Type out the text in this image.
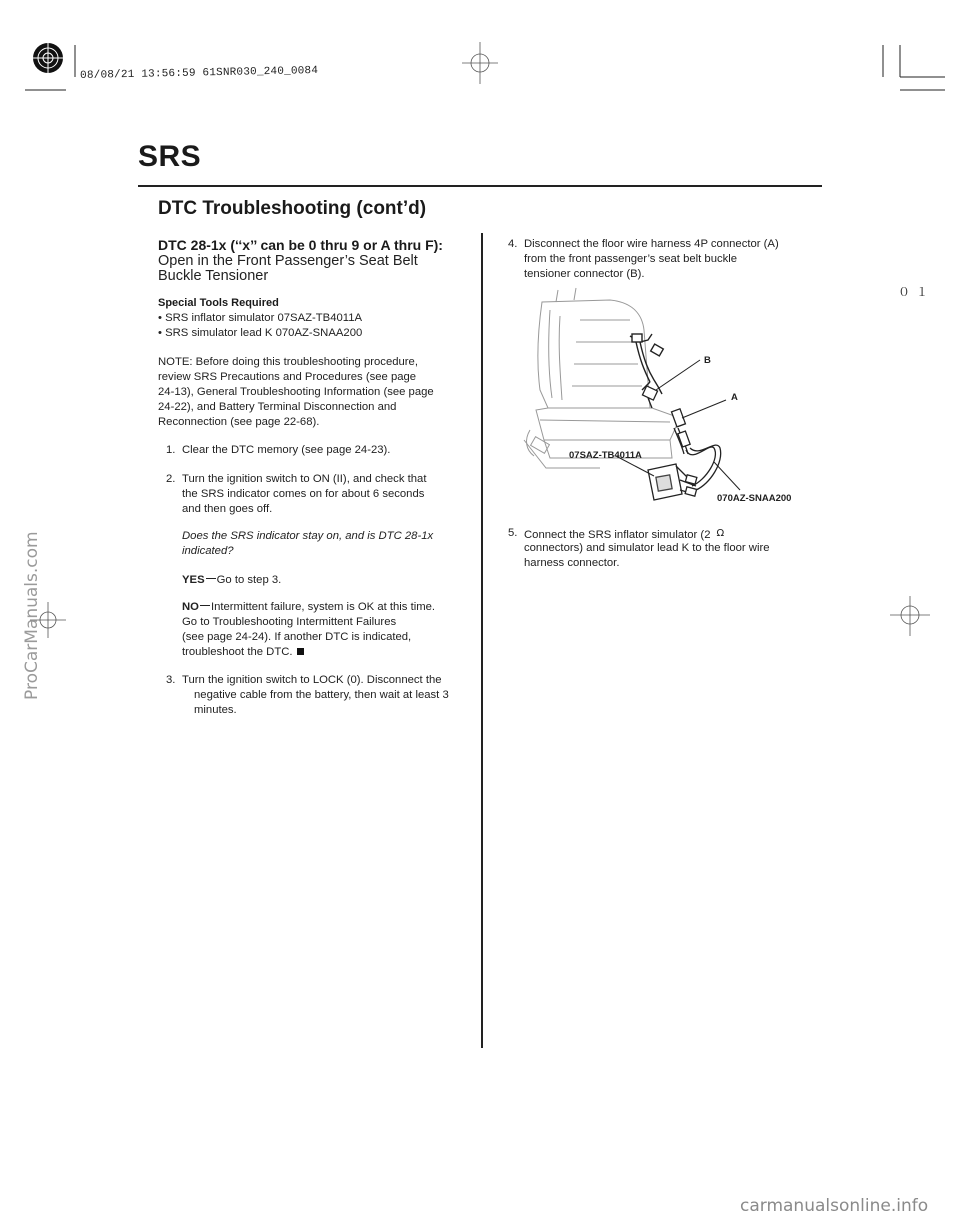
08/08/21 13:56:59 61SNR030_240_0084
SRS
DTC Troubleshooting (cont’d)
０１
DTC 28-1x (‘‘x’’ can be 0 thru 9 or A thru F):
Open in the Front Passenger’s Seat Belt
Buckle Tensioner
Special Tools Required
• SRS inflator simulator 07SAZ-TB4011A
• SRS simulator lead K 070AZ-SNAA200
NOTE: Before doing this troubleshooting procedure,
review SRS Precautions and Procedures (see page
24-13), General Troubleshooting Information (see page
24-22), and Battery Terminal Disconnection and
Reconnection (see page 22-68).
1. Clear the DTC memory (see page 24-23).
2. Turn the ignition switch to ON (II), and check that
the SRS indicator comes on for about 6 seconds
and then goes off.
Does the SRS indicator stay on, and is DTC 28-1x
indicated?
YES Go to step 3.
NO Intermittent failure, system is OK at this time.
Go to Troubleshooting Intermittent Failures
(see page 24-24). If another DTC is indicated,
troubleshoot the DTC.
3. Turn the ignition switch to LOCK (0). Disconnect the
negative cable from the battery, then wait at least 3
minutes.
4. Disconnect the floor wire harness 4P connector (A)
from the front passenger’s seat belt buckle
tensioner connector (B).
B
A
07SAZ-TB4011A
070AZ-SNAA200
5. Connect the SRS inflator simulator (2 Ω
connectors) and simulator lead K to the floor wire
harness connector.
ProCarManuals.com
carmanualsonline.info
